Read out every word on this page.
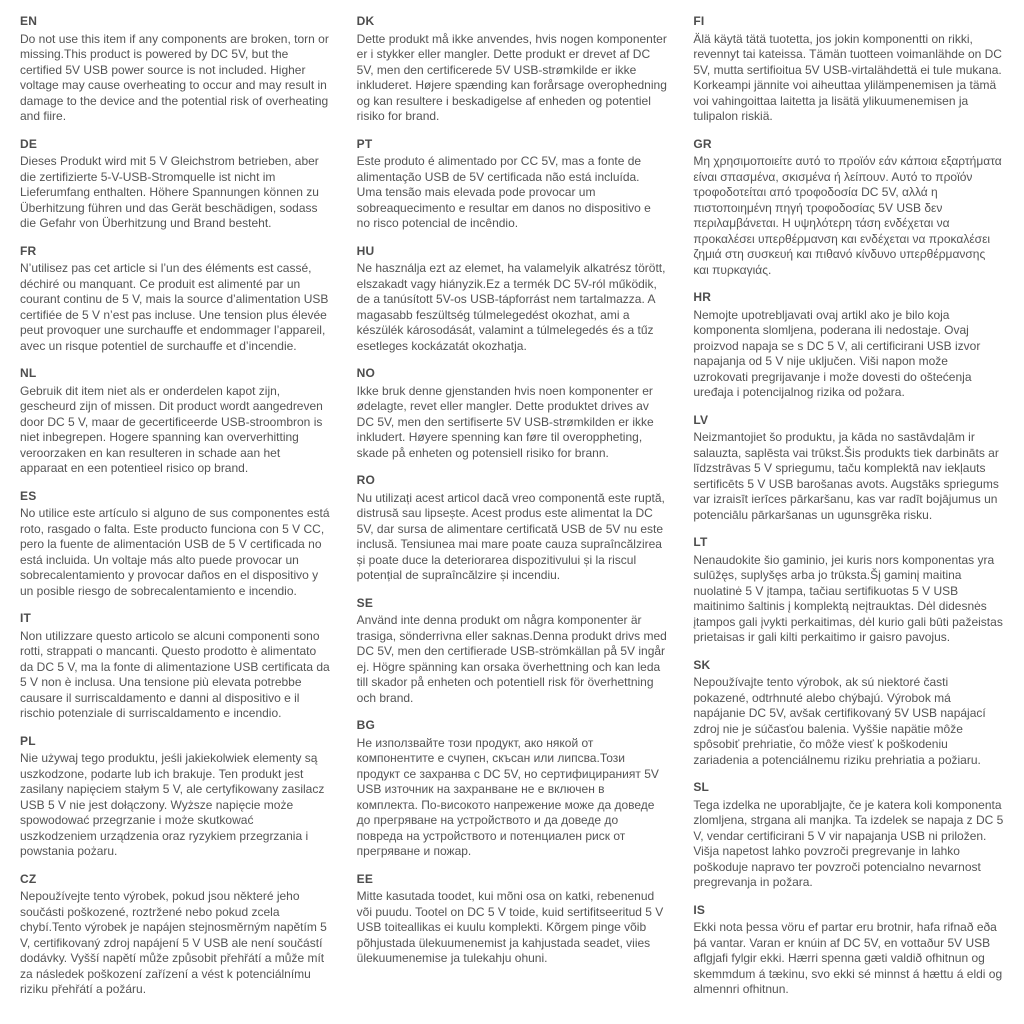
EN

Do not use this item if any components are broken, torn or missing.This product is powered by DC 5V, but the certified 5V USB power source is not included. Higher voltage may cause overheating to occur and may result in damage to the device and the potential risk of overheating and fiire.

DE

Dieses Produkt wird mit 5 V Gleichstrom betrieben, aber die zertifizierte 5-V-USB-Stromquelle ist nicht im Lieferumfang enthalten. Höhere Spannungen können zu Überhitzung führen und das Gerät beschädigen, sodass die Gefahr von Überhitzung und Brand besteht.

FR

N’utilisez pas cet article si l’un des éléments est cassé, déchiré ou manquant. Ce produit est alimenté par un courant continu de 5 V, mais la source d’alimentation USB certifiée de 5 V n’est pas incluse. Une tension plus élevée peut provoquer une surchauffe et endommager l’appareil, avec un risque potentiel de surchauffe et d’incendie.

NL

Gebruik dit item niet als er onderdelen kapot zijn, gescheurd zijn of missen. Dit product wordt aangedreven door DC 5 V, maar de gecertificeerde USB-stroombron is niet inbegrepen. Hogere spanning kan oververhitting veroorzaken en kan resulteren in schade aan het apparaat en een potentieel risico op brand.

ES

No utilice este artículo si alguno de sus componentes está roto, rasgado o falta. Este producto funciona con 5 V CC, pero la fuente de alimentación USB de 5 V certificada no está incluida. Un voltaje más alto puede provocar un sobrecalentamiento y provocar daños en el dispositivo y un posible riesgo de sobrecalentamiento e incendio.

IT

Non utilizzare questo articolo se alcuni componenti sono rotti, strappati o mancanti. Questo prodotto è alimentato da DC 5 V, ma la fonte di alimentazione USB certificata da 5 V non è inclusa. Una tensione più elevata potrebbe causare il surriscaldamento e danni al dispositivo e il rischio potenziale di surriscaldamento e incendio.

PL

Nie używaj tego produktu, jeśli jakiekolwiek elementy są uszkodzone, podarte lub ich brakuje. Ten produkt jest zasilany napięciem stałym 5 V, ale certyfikowany zasilacz USB 5 V nie jest dołączony. Wyższe napięcie może spowodować przegrzanie i może skutkować uszkodzeniem urządzenia oraz ryzykiem przegrzania i powstania pożaru.

CZ

Nepoužívejte tento výrobek, pokud jsou některé jeho součásti poškozené, roztržené nebo pokud zcela chybí.Tento výrobek je napájen stejnosměrným napětím 5 V, certifikovaný zdroj napájení 5 V USB ale není součástí dodávky. Vyšší napětí může způsobit přehřátí a může mít za následek poškození zařízení a vést k potenciálnímu riziku přehřátí a požáru.

DK

Dette produkt må ikke anvendes, hvis nogen komponenter er i stykker eller mangler. Dette produkt er drevet af DC 5V, men den certificerede 5V USB-strømkilde er ikke inkluderet. Højere spænding kan forårsage overophedning og kan resultere i beskadigelse af enheden og potentiel risiko for brand.

PT

Este produto é alimentado por CC 5V, mas a fonte de alimentação USB de 5V certificada não está incluída. Uma tensão mais elevada pode provocar um sobreaquecimento e resultar em danos no dispositivo e no risco potencial de incêndio.

HU

Ne használja ezt az elemet, ha valamelyik alkatrész törött, elszakadt vagy hiányzik.Ez a termék DC 5V-ról működik, de a tanúsított 5V-os USB-tápforrást nem tartalmazza. A magasabb feszültség túlmelegedést okozhat, ami a készülék károsodását, valamint a túlmelegedés és a tűz esetleges kockázatát okozhatja.

NO

Ikke bruk denne gjenstanden hvis noen komponenter er ødelagte, revet eller mangler. Dette produktet drives av DC 5V, men den sertifiserte 5V USB-strømkilden er ikke inkludert. Høyere spenning kan føre til overoppheting, skade på enheten og potensiell risiko for brann.

RO

Nu utilizați acest articol dacă vreo componentă este ruptă, distrusă sau lipsește. Acest produs este alimentat la DC 5V, dar sursa de alimentare certificată USB de 5V nu este inclusă. Tensiunea mai mare poate cauza supraîncălzirea și poate duce la deteriorarea dispozitivului și la riscul potențial de supraîncălzire și incendiu.

SE

Använd inte denna produkt om några komponenter är trasiga, sönderrivna eller saknas.Denna produkt drivs med DC 5V, men den certifierade USB-strömkällan på 5V ingår ej. Högre spänning kan orsaka överhettning och kan leda till skador på enheten och potentiell risk för överhettning och brand.

BG

Не използвайте този продукт, ако някой от компонентите е счупен, скъсан или липсва.Този продукт се захранва с DC 5V, но сертифицираният 5V USB източник на захранване не е включен в комплекта. По-високото напрежение може да доведе до прегряване на устройството и да доведе до повреда на устройството и потенциален риск от прегряване и пожар.

EE

Mitte kasutada toodet, kui mõni osa on katki, rebenenud või puudu. Tootel on DC 5 V toide, kuid sertifitseeritud 5 V USB toiteallikas ei kuulu komplekti. Kõrgem pinge võib põhjustada ülekuumenemist ja kahjustada seadet, viies ülekuumenemise ja tulekahju ohuni.

FI

Älä käytä tätä tuotetta, jos jokin komponentti on rikki, revennyt tai kateissa. Tämän tuotteen voimanlähde on DC 5V, mutta sertifioitua 5V USB-virtalähdettä ei tule mukana. Korkeampi jännite voi aiheuttaa ylilämpenemisen ja tämä voi vahingoittaa laitetta ja lisätä ylikuumenemisen ja tulipalon riskiä.

GR

Μη χρησιμοποιείτε αυτό το προϊόν εάν κάποια εξαρτήματα είναι σπασμένα, σκισμένα ή λείπουν. Αυτό το προϊόν τροφοδοτείται από τροφοδοσία DC 5V, αλλά η πιστοποιημένη πηγή τροφοδοσίας 5V USB δεν περιλαμβάνεται. Η υψηλότερη τάση ενδέχεται να προκαλέσει υπερθέρμανση και ενδέχεται να προκαλέσει ζημιά στη συσκευή και πιθανό κίνδυνο υπερθέρμανσης και πυρκαγιάς.

HR

Nemojte upotrebljavati ovaj artikl ako je bilo koja komponenta slomljena, poderana ili nedostaje. Ovaj proizvod napaja se s DC 5 V, ali certificirani USB izvor napajanja od 5 V nije uključen. Viši napon može uzrokovati pregrijavanje i može dovesti do oštećenja uređaja i potencijalnog rizika od požara.

LV

Neizmantojiet šo produktu, ja kāda no sastāvdaļām ir salauzta, saplēsta vai trūkst.Šis produkts tiek darbināts ar līdzstrāvas 5 V spriegumu, taču komplektā nav iekļauts sertificēts 5 V USB barošanas avots. Augstāks spriegums var izraisīt ierīces pārkaršanu, kas var radīt bojājumus un potenciālu pārkaršanas un ugunsgrēka risku.

LT

Nenaudokite šio gaminio, jei kuris nors komponentas yra sulūžęs, suplyšęs arba jo trūksta.Šį gaminį maitina nuolatinė 5 V įtampa, tačiau sertifikuotas 5 V USB maitinimo šaltinis į komplektą neįtrauktas. Dėl didesnės įtampos gali įvykti perkaitimas, dėl kurio gali būti pažeistas prietaisas ir gali kilti perkaitimo ir gaisro pavojus.

SK

Nepoužívajte tento výrobok, ak sú niektoré časti pokazené, odtrhnuté alebo chýbajú. Výrobok má napájanie DC 5V, avšak certifikovaný 5V USB napájací zdroj nie je súčasťou balenia. Vyššie napätie môže spôsobiť prehriatie, čo môže viesť k poškodeniu zariadenia a potenciálnemu riziku prehriatia a požiaru.

SL

Tega izdelka ne uporabljajte, če je katera koli komponenta zlomljena, strgana ali manjka. Ta izdelek se napaja z DC 5 V, vendar certificirani 5 V vir napajanja USB ni priložen. Višja napetost lahko povzroči pregrevanje in lahko poškoduje napravo ter povzroči potencialno nevarnost pregrevanja in požara.

IS

Ekki nota þessa vöru ef partar eru brotnir, hafa rifnað eða þá vantar. Varan er knúin af DC 5V, en vottaður 5V USB aflgjafi fylgir ekki. Hærri spenna gæti valdið ofhitnun og skemmdum á tækinu, svo ekki sé minnst á hættu á eldi og almennri ofhitnun.
